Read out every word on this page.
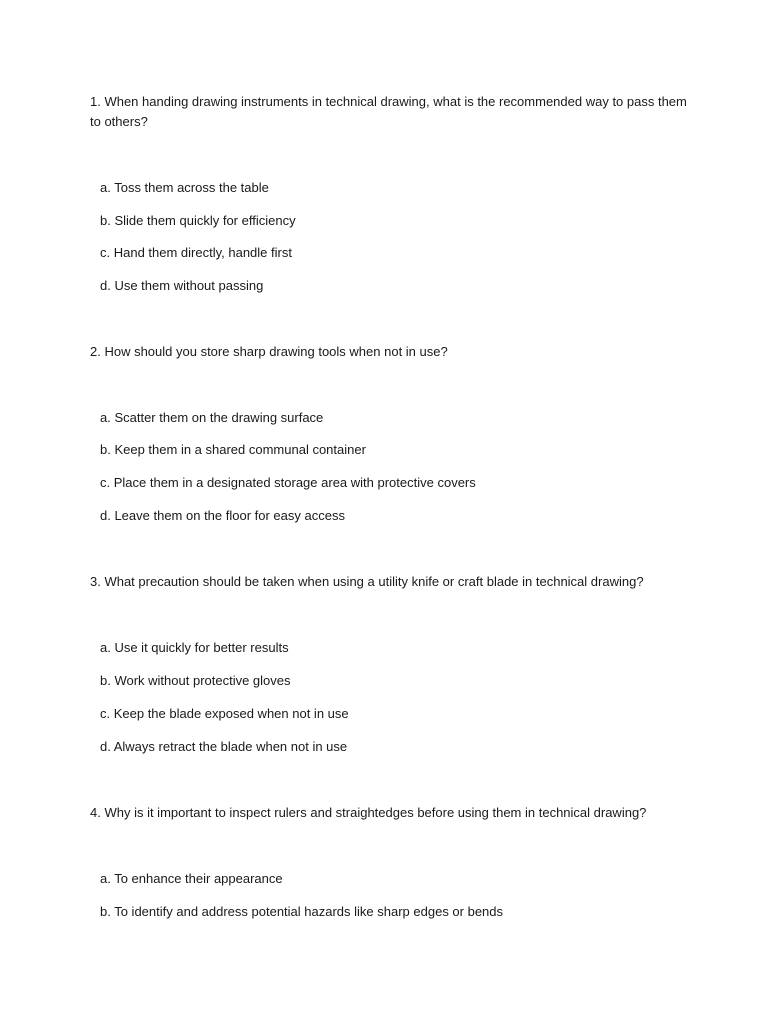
1. When handing drawing instruments in technical drawing, what is the recommended way to pass them to others?
a. Toss them across the table
b. Slide them quickly for efficiency
c. Hand them directly, handle first
d. Use them without passing
2. How should you store sharp drawing tools when not in use?
a. Scatter them on the drawing surface
b. Keep them in a shared communal container
c. Place them in a designated storage area with protective covers
d. Leave them on the floor for easy access
3. What precaution should be taken when using a utility knife or craft blade in technical drawing?
a. Use it quickly for better results
b. Work without protective gloves
c. Keep the blade exposed when not in use
d. Always retract the blade when not in use
4. Why is it important to inspect rulers and straightedges before using them in technical drawing?
a. To enhance their appearance
b. To identify and address potential hazards like sharp edges or bends
